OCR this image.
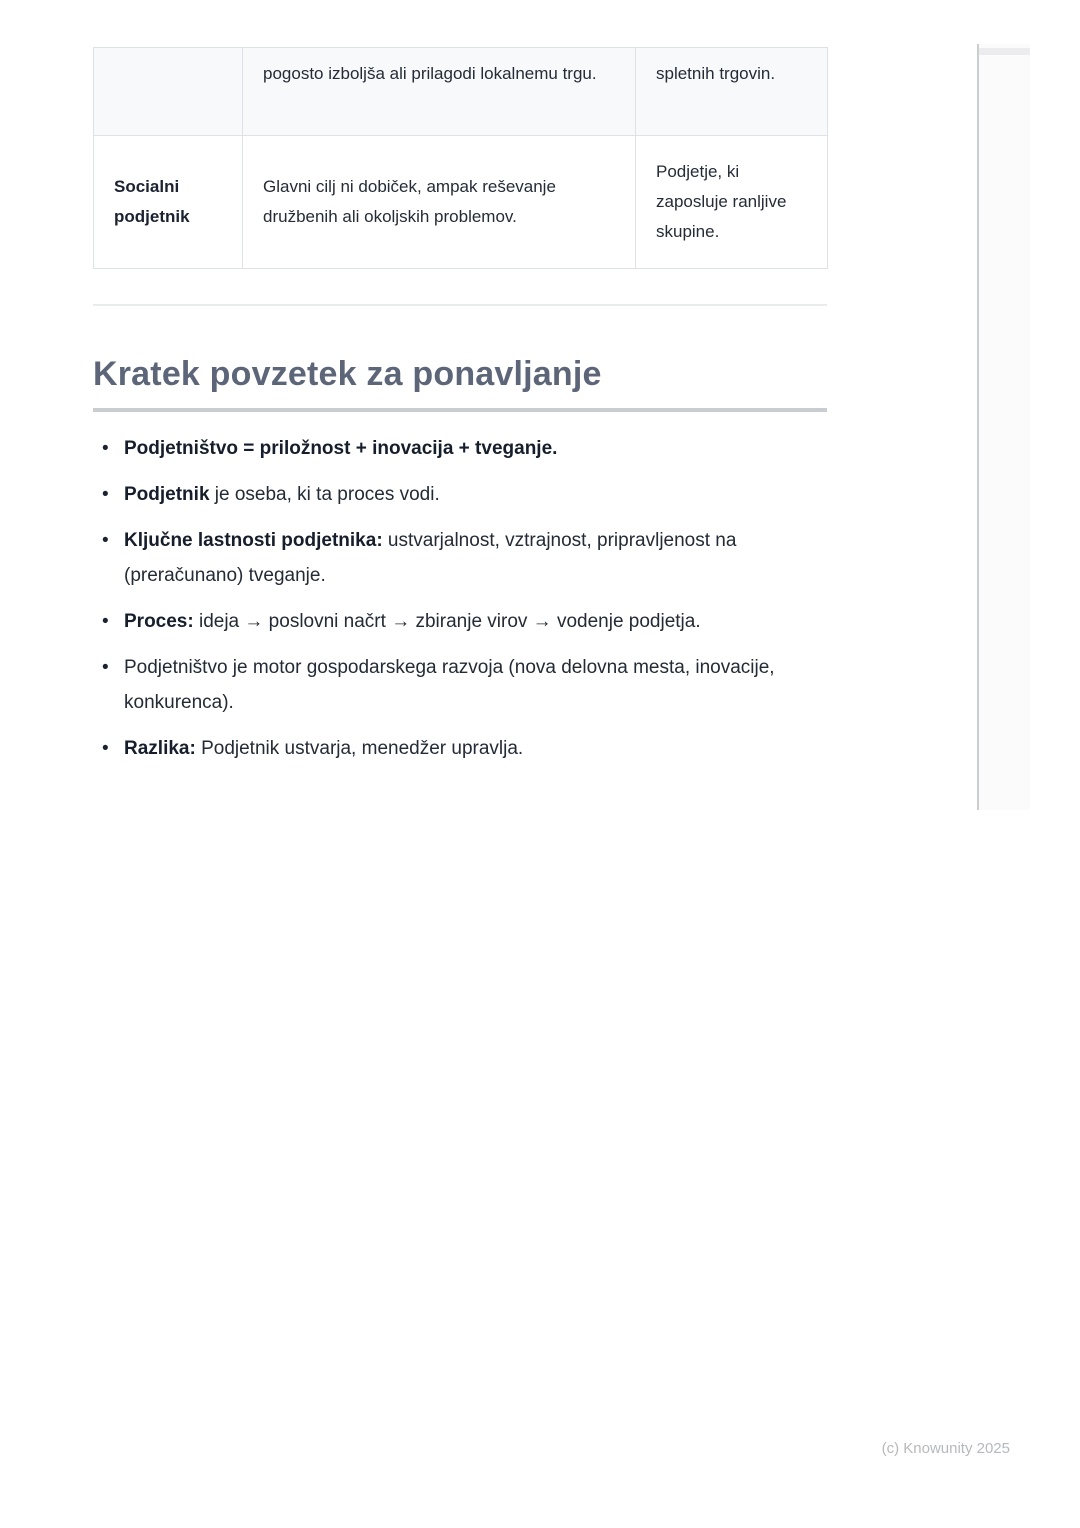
	pogosto izboljša ali prilagodi lokalnemu trgu.	spletnih trgovin.
Socialni podjetnik	Glavni cilj ni dobiček, ampak reševanje družbenih ali okoljskih problemov.	Podjetje, ki zaposluje ranljive skupine.
Kratek povzetek za ponavljanje
• Podjetništvo = priložnost + inovacija + tveganje.
• Podjetnik je oseba, ki ta proces vodi.
• Ključne lastnosti podjetnika: ustvarjalnost, vztrajnost, pripravljenost na (preračunano) tveganje.
• Proces: ideja → poslovni načrt → zbiranje virov → vodenje podjetja.
• Podjetništvo je motor gospodarskega razvoja (nova delovna mesta, inovacije, konkurenca).
• Razlika: Podjetnik ustvarja, menedžer upravlja.
(c) Knowunity 2025
